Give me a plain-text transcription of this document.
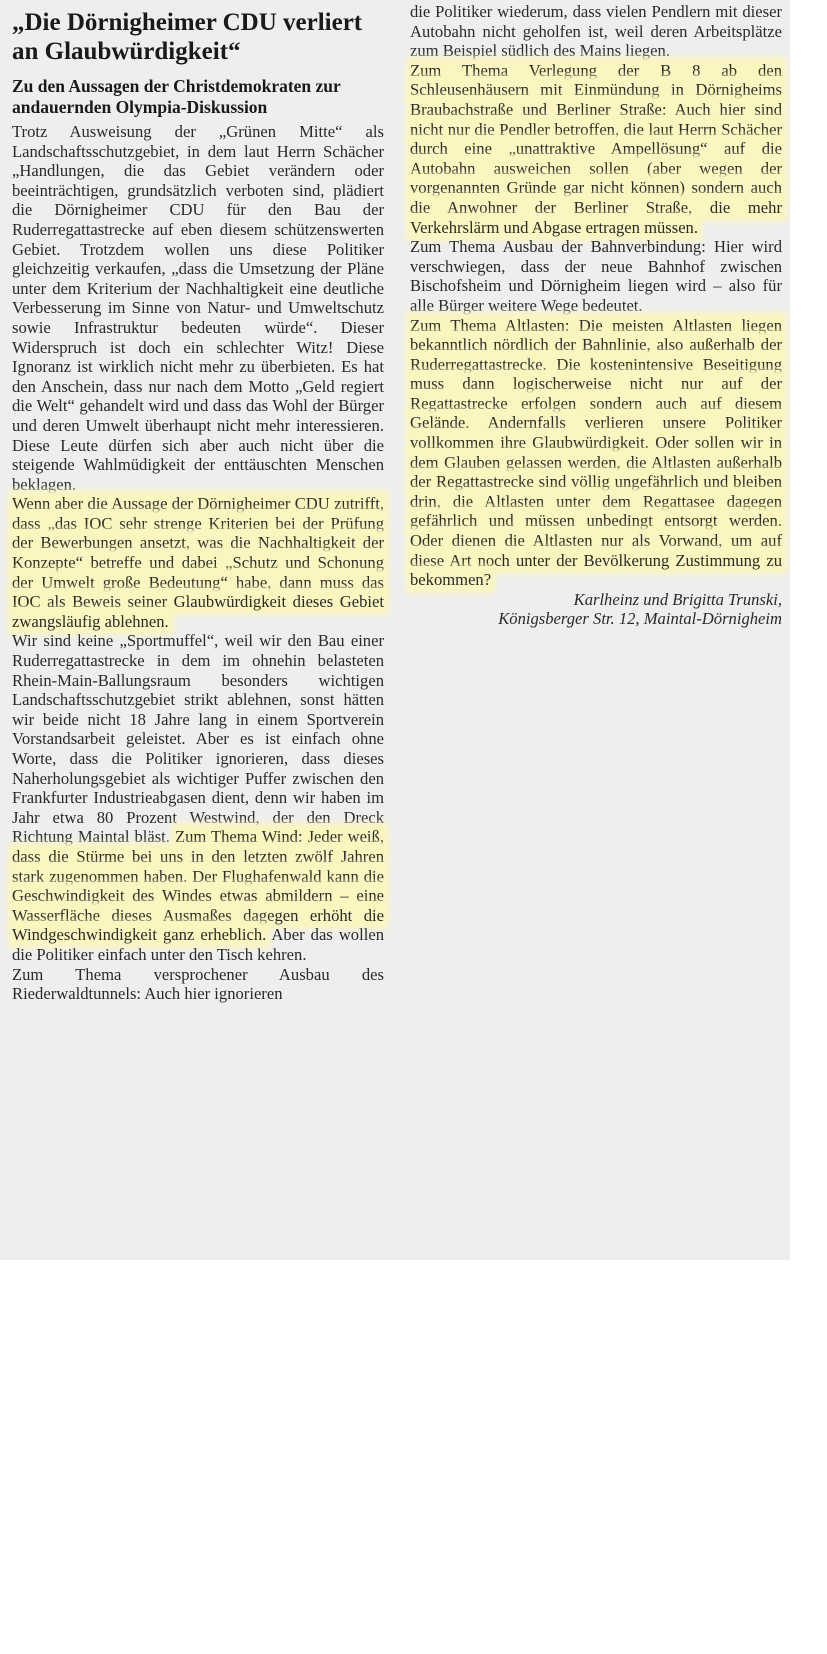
„Die Dörnigheimer CDU verliert an Glaubwürdigkeit“
Zu den Aussagen der Christdemokraten zur andauernden Olympia-Diskussion

Trotz Ausweisung der „Grünen Mitte“ als Landschaftsschutzgebiet, in dem laut Herrn Schächer „Handlungen, die das Gebiet verändern oder beeinträchtigen, grundsätzlich verboten sind, plädiert die Dörnigheimer CDU für den Bau der Ruderregattastrecke auf eben diesem schützenswerten Gebiet. Trotzdem wollen uns diese Politiker gleichzeitig verkaufen, „dass die Umsetzung der Pläne unter dem Kriterium der Nachhaltigkeit eine deutliche Verbesserung im Sinne von Natur- und Umweltschutz sowie Infrastruktur bedeuten würde“. Dieser Widerspruch ist doch ein schlechter Witz! Diese Ignoranz ist wirklich nicht mehr zu überbieten. Es hat den Anschein, dass nur nach dem Motto „Geld regiert die Welt“ gehandelt wird und dass das Wohl der Bürger und deren Umwelt überhaupt nicht mehr interessieren. Diese Leute dürfen sich aber auch nicht über die steigende Wahlmüdigkeit der enttäuschten Menschen beklagen.

Wenn aber die Aussage der Dörnigheimer CDU zutrifft, dass „das IOC sehr strenge Kriterien bei der Prüfung der Bewerbungen ansetzt, was die Nachhaltigkeit der Konzepte“ betreffe und dabei „Schutz und Schonung der Umwelt große Bedeutung“ habe, dann muss das IOC als Beweis seiner Glaubwürdigkeit dieses Gebiet zwangsläufig ablehnen.

Wir sind keine „Sportmuffel“, weil wir den Bau einer Ruderregattastrecke in dem im ohnehin belasteten Rhein-Main-Ballungsraum besonders wichtigen Landschaftsschutzgebiet strikt ablehnen, sonst hätten wir beide nicht 18 Jahre lang in einem Sportverein Vorstandsarbeit geleistet. Aber es ist einfach ohne Worte, dass die Politiker ignorieren, dass dieses Naherholungsgebiet als wichtiger Puffer zwischen den Frankfurter Industrieabgasen dient, denn wir haben im Jahr etwa 80 Prozent Westwind, der den Dreck Richtung Maintal bläst. Zum Thema Wind: Jeder weiß, dass die Stürme bei uns in den letzten zwölf Jahren stark zugenommen haben. Der Flughafenwald kann die Geschwindigkeit des Windes etwas abmildern – eine Wasserfläche dieses Ausmaßes dagegen erhöht die Windgeschwindigkeit ganz erheblich. Aber das wollen die Politiker einfach unter den Tisch kehren.

Zum Thema versprochener Ausbau des Riederwaldtunnels: Auch hier ignorieren

die Politiker wiederum, dass vielen Pendlern mit dieser Autobahn nicht geholfen ist, weil deren Arbeitsplätze zum Beispiel südlich des Mains liegen.

Zum Thema Verlegung der B 8 ab den Schleusenhäusern mit Einmündung in Dörnigheims Braubachstraße und Berliner Straße: Auch hier sind nicht nur die Pendler betroffen, die laut Herrn Schächer durch eine „unattraktive Ampellösung“ auf die Autobahn ausweichen sollen (aber wegen der vorgenannten Gründe gar nicht können) sondern auch die Anwohner der Berliner Straße, die mehr Verkehrslärm und Abgase ertragen müssen.

Zum Thema Ausbau der Bahnverbindung: Hier wird verschwiegen, dass der neue Bahnhof zwischen Bischofsheim und Dörnigheim liegen wird – also für alle Bürger weitere Wege bedeutet.

Zum Thema Altlasten: Die meisten Altlasten liegen bekanntlich nördlich der Bahnlinie, also außerhalb der Ruderregattastrecke. Die kostenintensive Beseitigung muss dann logischerweise nicht nur auf der Regattastrecke erfolgen sondern auch auf diesem Gelände. Andernfalls verlieren unsere Politiker vollkommen ihre Glaubwürdigkeit. Oder sollen wir in dem Glauben gelassen werden, die Altlasten außerhalb der Regattastrecke sind völlig ungefährlich und bleiben drin, die Altlasten unter dem Regattasee dagegen gefährlich und müssen unbedingt entsorgt werden. Oder dienen die Altlasten nur als Vorwand, um auf diese Art noch unter der Bevölkerung Zustimmung zu bekommen?

Karlheinz und Brigitta Trunski,

Königsberger Str. 12, Maintal-Dörnigheim
